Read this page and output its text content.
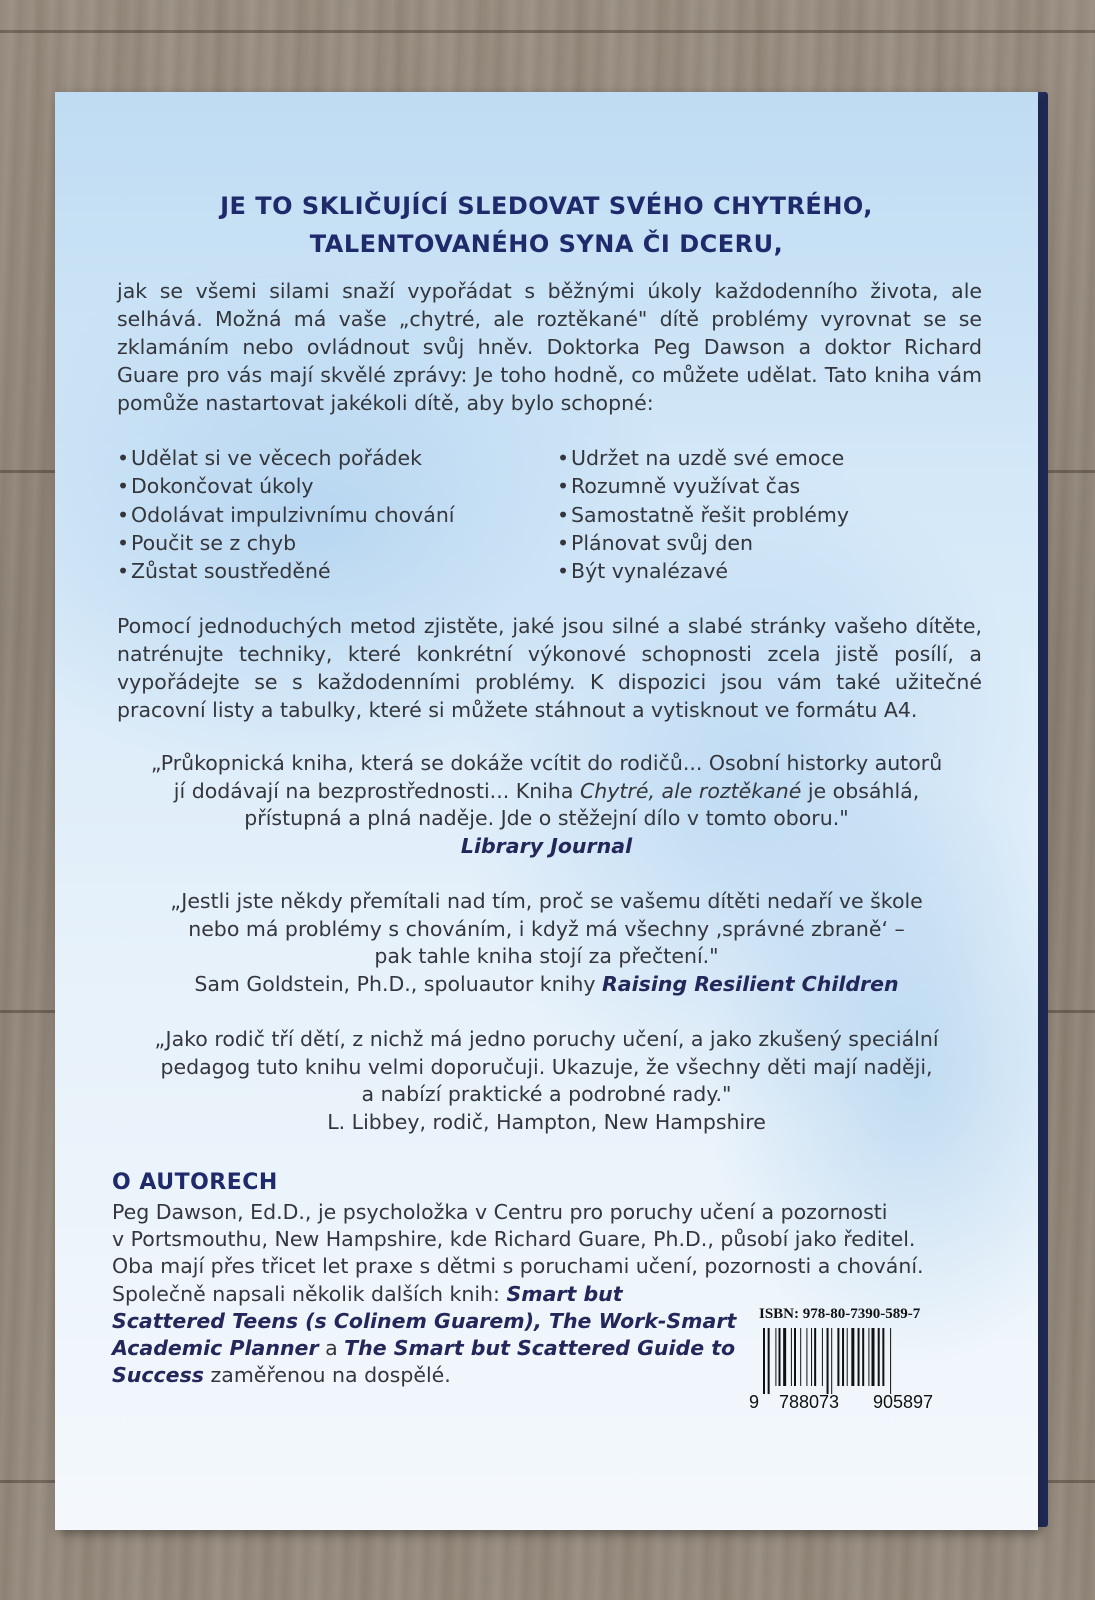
JE TO SKLIČUJÍCÍ SLEDOVAT SVÉHO CHYTRÉHO,
TALENTOVANÉHO SYNA ČI DCERU,
jak se všemi silami snaží vypořádat s běžnými úkoly každodenního života, ale selhává. Možná má vaše „chytré, ale roztěkané" dítě problémy vyrovnat se se zklamáním nebo ovládnout svůj hněv. Doktorka Peg Dawson a doktor Richard Guare pro vás mají skvělé zprávy: Je toho hodně, co můžete udělat. Tato kniha vám pomůže nastartovat jakékoli dítě, aby bylo schopné:
•Udělat si ve věcech pořádek
•Dokončovat úkoly
•Odolávat impulzivnímu chování
•Poučit se z chyb
•Zůstat soustředěné
•Udržet na uzdě své emoce
•Rozumně využívat čas
•Samostatně řešit problémy
•Plánovat svůj den
•Být vynalézavé
Pomocí jednoduchých metod zjistěte, jaké jsou silné a slabé stránky vašeho dítěte, natrénujte techniky, které konkrétní výkonové schopnosti zcela jistě posílí, a vypořádejte se s každodenními problémy. K dispozici jsou vám také užitečné pracovní listy a tabulky, které si můžete stáhnout a vytisknout ve formátu A4.
„Průkopnická kniha, která se dokáže vcítit do rodičů... Osobní historky autorů
jí dodávají na bezprostřednosti... Kniha Chytré, ale roztěkané je obsáhlá,
přístupná a plná naděje. Jde o stěžejní dílo v tomto oboru."
Library Journal
„Jestli jste někdy přemítali nad tím, proč se vašemu dítěti nedaří ve škole
nebo má problémy s chováním, i když má všechny ‚správné zbraně‘ –
pak tahle kniha stojí za přečtení."
Sam Goldstein, Ph.D., spoluautor knihy Raising Resilient Children
„Jako rodič tří dětí, z nichž má jedno poruchy učení, a jako zkušený speciální
pedagog tuto knihu velmi doporučuji. Ukazuje, že všechny děti mají naději,
a nabízí praktické a podrobné rady."
L. Libbey, rodič, Hampton, New Hampshire
O AUTORECH
Peg Dawson, Ed.D., je psycholožka v Centru pro poruchy učení a pozornosti
v Portsmouthu, New Hampshire, kde Richard Guare, Ph.D., působí jako ředitel.
Oba mají přes třicet let praxe s dětmi s poruchami učení, pozornosti a chování.
Společně napsali několik dalších knih: Smart but
Scattered Teens (s Colinem Guarem), The Work-Smart
Academic Planner a The Smart but Scattered Guide to
Success zaměřenou na dospělé.
ISBN: 978-80-7390-589-7
9 788073 905897
